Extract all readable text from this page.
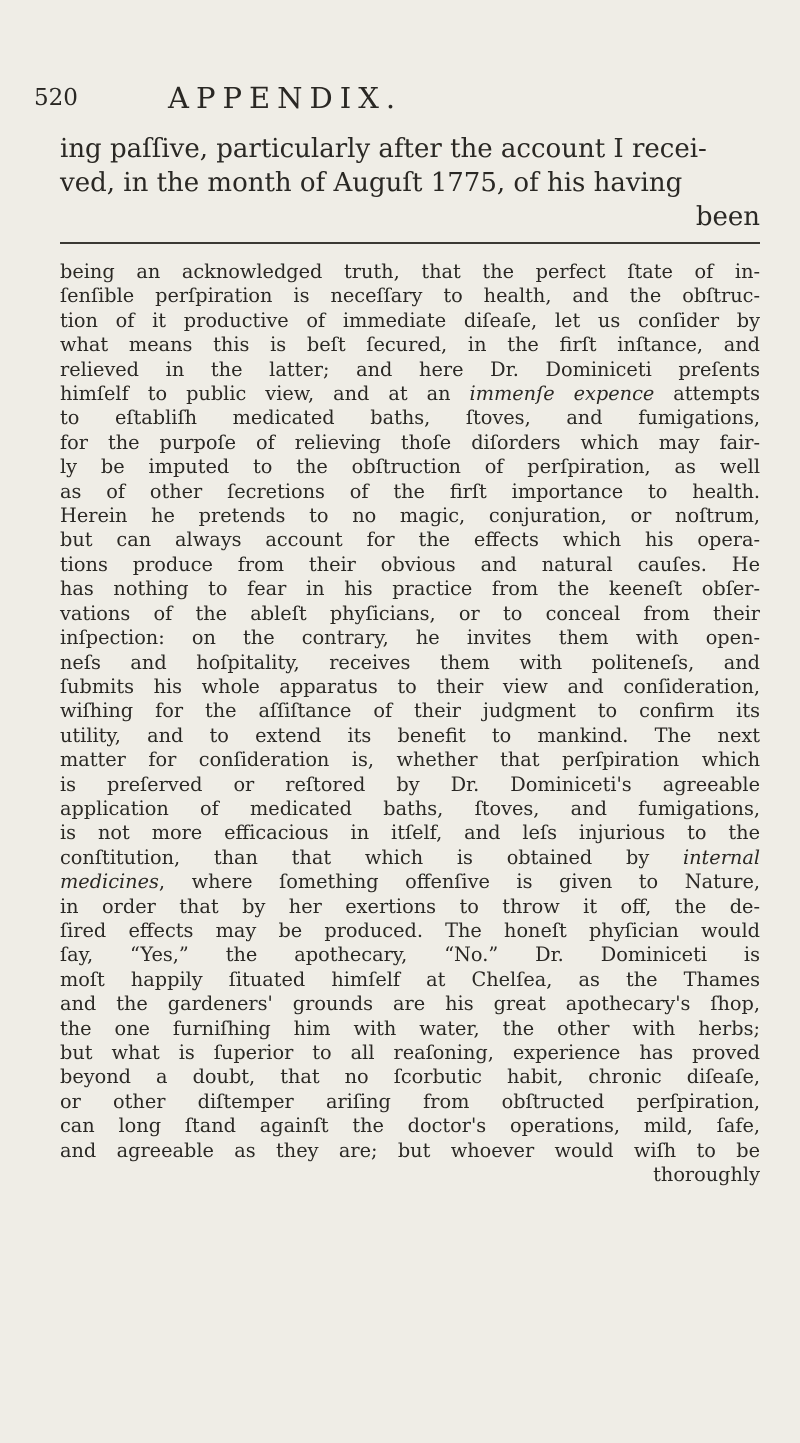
520	APPENDIX.
ing paſſive, particularly after the account I recei-
ved, in the month of Auguſt 1775, of his having
been
being an acknowledged truth, that the perfect ſtate of in-
ſenſible perſpiration is neceſſary to health, and the obſtruc-
tion of it productive of immediate diſeaſe, let us conſider by
what means this is beſt ſecured, in the firſt inſtance, and
relieved in the latter; and here Dr. Dominiceti preſents
himſelf to public view, and at an immenſe expence attempts
to eſtabliſh medicated baths, ſtoves, and fumigations,
for the purpoſe of relieving thoſe diſorders which may fair-
ly be imputed to the obſtruction of perſpiration, as well
as of other ſecretions of the firſt importance to health.
Herein he pretends to no magic, conjuration, or noſtrum,
but can always account for the effects which his opera-
tions produce from their obvious and natural cauſes. He
has nothing to fear in his practice from the keeneſt obſer-
vations of the ableſt phyſicians, or to conceal from their
inſpection: on the contrary, he invites them with open-
neſs and hoſpitality, receives them with politeneſs, and
ſubmits his whole apparatus to their view and conſideration,
wiſhing for the aſſiſtance of their judgment to confirm its
utility, and to extend its benefit to mankind. The next
matter for conſideration is, whether that perſpiration which
is preſerved or reſtored by Dr. Dominiceti's agreeable
application of medicated baths, ſtoves, and fumigations,
is not more efficacious in itſelf, and leſs injurious to the
conſtitution, than that which is obtained by internal
medicines, where ſomething offenſive is given to Nature,
in order that by her exertions to throw it off, the de-
ſired effects may be produced. The honeſt phyſician would
ſay, “Yes,” the apothecary, “No.” Dr. Dominiceti is
moſt happily ſituated himſelf at Chelſea, as the Thames
and the gardeners' grounds are his great apothecary's ſhop,
the one furniſhing him with water, the other with herbs;
but what is ſuperior to all reaſoning, experience has proved
beyond a doubt, that no ſcorbutic habit, chronic diſeaſe,
or other diſtemper ariſing from obſtructed perſpiration,
can long ſtand againſt the doctor's operations, mild, ſafe,
and agreeable as they are; but whoever would wiſh to be
thoroughly
